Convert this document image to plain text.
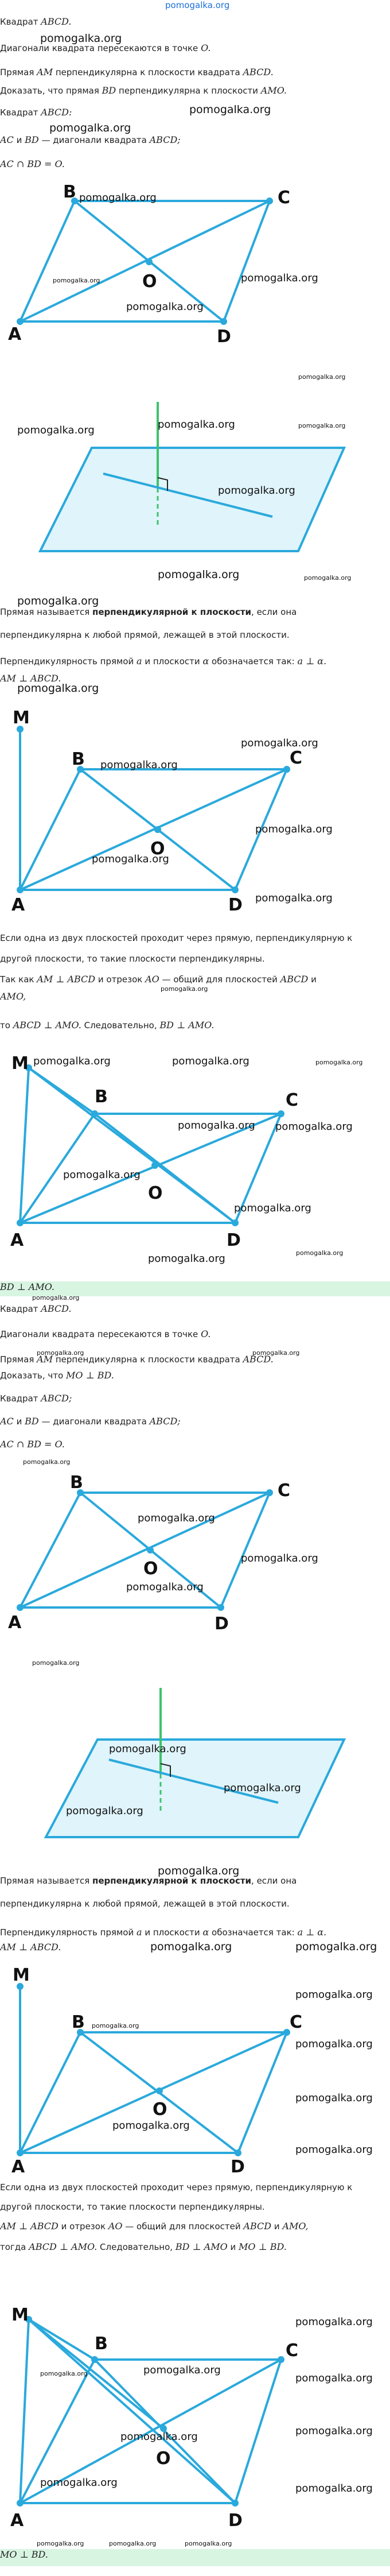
pomogalka.org
Квадрат ABCD.
pomogalka.org
Диагонали квадрата пересекаются в точке O.
Прямая AM перпендикулярна к плоскости квадрата ABCD.
Доказать, что прямая BD перпендикулярна к плоскости AMO.
Квадрат ABCD:	pomogalka.org
pomogalka.org
AC и BD — диагонали квадрата ABCD;
AC ∩ BD = O.
A
B	C
D
O
pomogalka.org
pomogalka.org	pomogalka.org
pomogalka.org
pomogalka.org
pomogalka.org	pomogalka.org	pomogalka.org
pomogalka.org
pomogalka.org	pomogalka.org
pomogalka.org
Прямая называется перпендикулярной к плоскости, если она
перпендикулярна к любой прямой, лежащей в этой плоскости.
Перпендикулярность прямой a и плоскости α обозначается так: a ⊥ α.
AM ⊥ ABCD.
pomogalka.org
M
A
B	C
D
O
pomogalka.org
pomogalka.org
pomogalka.org
pomogalka.org
pomogalka.org
Если одна из двух плоскостей проходит через прямую, перпендикулярную к
другой плоскости, то такие плоскости перпендикулярны.
Так как AM ⊥ ABCD и отрезок AO — общий для плоскостей ABCD и
pomogalka.org
AMO,
то ABCD ⊥ AMO. Следовательно, BD ⊥ AMO.
M
A
B	C
D
O
pomogalka.org	pomogalka.org	pomogalka.org
pomogalka.org pomogalka.org
pomogalka.org
pomogalka.org
pomogalka.org	pomogalka.org
BD ⊥ AMO.
pomogalka.org
Квадрат ABCD.
Диагонали квадрата пересекаются в точке O.
Прямая AM перпендикулярна к плоскости квадрата ABCD.
pomogalka.org
pomogalka.org
Доказать, что MO ⊥ BD.
Квадрат ABCD;
AC и BD — диагонали квадрата ABCD;
AC ∩ BD = O.
pomogalka.org
A
B	C
D
O
pomogalka.org
pomogalka.org
pomogalka.org
pomogalka.org
pomogalka.org
pomogalka.org
pomogalka.org
pomogalka.org
Прямая называется перпендикулярной к плоскости, если она
перпендикулярна к любой прямой, лежащей в этой плоскости.
Перпендикулярность прямой a и плоскости α обозначается так: a ⊥ α.
AM ⊥ ABCD.	pomogalka.org	pomogalka.org
M
A
B	C
D
O
pomogalka.org
pomogalka.org
pomogalka.org
pomogalka.org
pomogalka.org
pomogalka.org
Если одна из двух плоскостей проходит через прямую, перпендикулярную к
другой плоскости, то такие плоскости перпендикулярны.
AM ⊥ ABCD и отрезок AO — общий для плоскостей ABCD и AMO,
тогда ABCD ⊥ AMO. Следовательно, BD ⊥ AMO и MO ⊥ BD.
M
A
B	C
D
O
pomogalka.org
pomogalka.org	pomogalka.org
pomogalka.org
pomogalka.org
pomogalka.org
pomogalka.org	pomogalka.org
MO ⊥ BD.
pomogalka.org	pomogalka.org	pomogalka.org
